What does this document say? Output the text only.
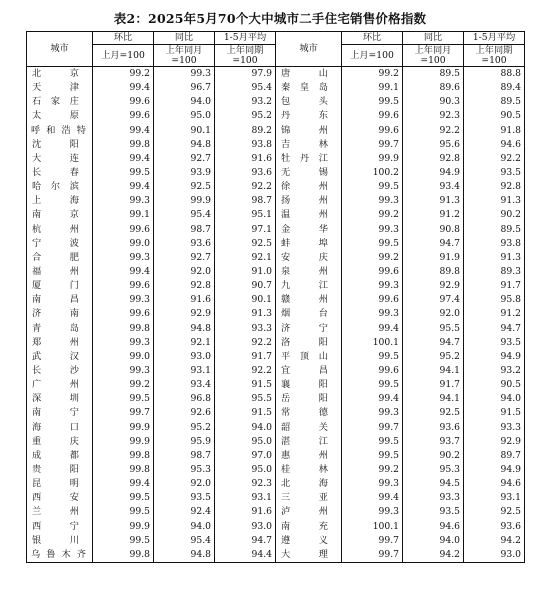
表2：2025年5月70个大中城市二手住宅销售价格指数
城市	环比	同比	1-5月平均	城市	环比	同比	1-5月平均
	上月=100	上年同月=100	上年同期=100		上月=100	上年同月=100	上年同期=100
北 京	99.2	99.3	97.9	唐 山	99.2	89.5	88.8
天 津	99.4	96.7	95.4	秦皇岛	99.1	89.6	89.4
石家庄	99.6	94.0	93.2	包 头	99.5	90.3	89.5
太 原	99.6	95.0	95.2	丹 东	99.6	92.3	90.5
呼和浩特	99.4	90.1	89.2	锦 州	99.6	92.2	91.8
沈 阳	99.8	94.8	93.8	吉 林	99.7	95.6	94.6
大 连	99.4	92.7	91.6	牡丹江	99.9	92.8	92.2
长 春	99.5	93.9	93.6	无 锡	100.2	94.9	93.5
哈尔滨	99.4	92.5	92.2	徐 州	99.5	93.4	92.8
上 海	99.3	99.9	98.7	扬 州	99.3	91.3	91.3
南 京	99.1	95.4	95.1	温 州	99.2	91.2	90.2
杭 州	99.6	98.7	97.1	金 华	99.3	90.8	89.5
宁 波	99.0	93.6	92.5	蚌 埠	99.5	94.7	93.8
合 肥	99.3	92.7	92.1	安 庆	99.2	91.9	91.3
福 州	99.4	92.0	91.0	泉 州	99.6	89.8	89.3
厦 门	99.6	92.8	90.7	九 江	99.3	92.9	91.7
南 昌	99.3	91.6	90.1	赣 州	99.6	97.4	95.8
济 南	99.6	92.9	91.3	烟 台	99.3	92.0	91.2
青 岛	99.8	94.8	93.3	济 宁	99.4	95.5	94.7
郑 州	99.3	92.1	92.2	洛 阳	100.1	94.7	93.5
武 汉	99.0	93.0	91.7	平顶山	99.5	95.2	94.9
长 沙	99.3	93.1	92.2	宜 昌	99.6	94.1	93.2
广 州	99.2	93.4	91.5	襄 阳	99.5	91.7	90.5
深 圳	99.5	96.8	95.5	岳 阳	99.4	94.1	94.0
南 宁	99.7	92.6	91.5	常 德	99.3	92.5	91.5
海 口	99.9	95.2	94.0	韶 关	99.7	93.6	93.3
重 庆	99.9	95.9	95.0	湛 江	99.5	93.7	92.9
成 都	99.8	98.7	97.0	惠 州	99.5	90.2	89.7
贵 阳	99.8	95.3	95.0	桂 林	99.2	95.3	94.9
昆 明	99.4	92.0	92.3	北 海	99.3	94.5	94.6
西 安	99.5	93.5	93.1	三 亚	99.4	93.3	93.1
兰 州	99.5	92.4	91.6	泸 州	99.3	93.5	92.5
西 宁	99.9	94.0	93.0	南 充	100.1	94.6	93.6
银 川	99.5	95.4	94.7	遵 义	99.7	94.0	94.2
乌鲁木齐	99.8	94.8	94.4	大 理	99.7	94.2	93.0
